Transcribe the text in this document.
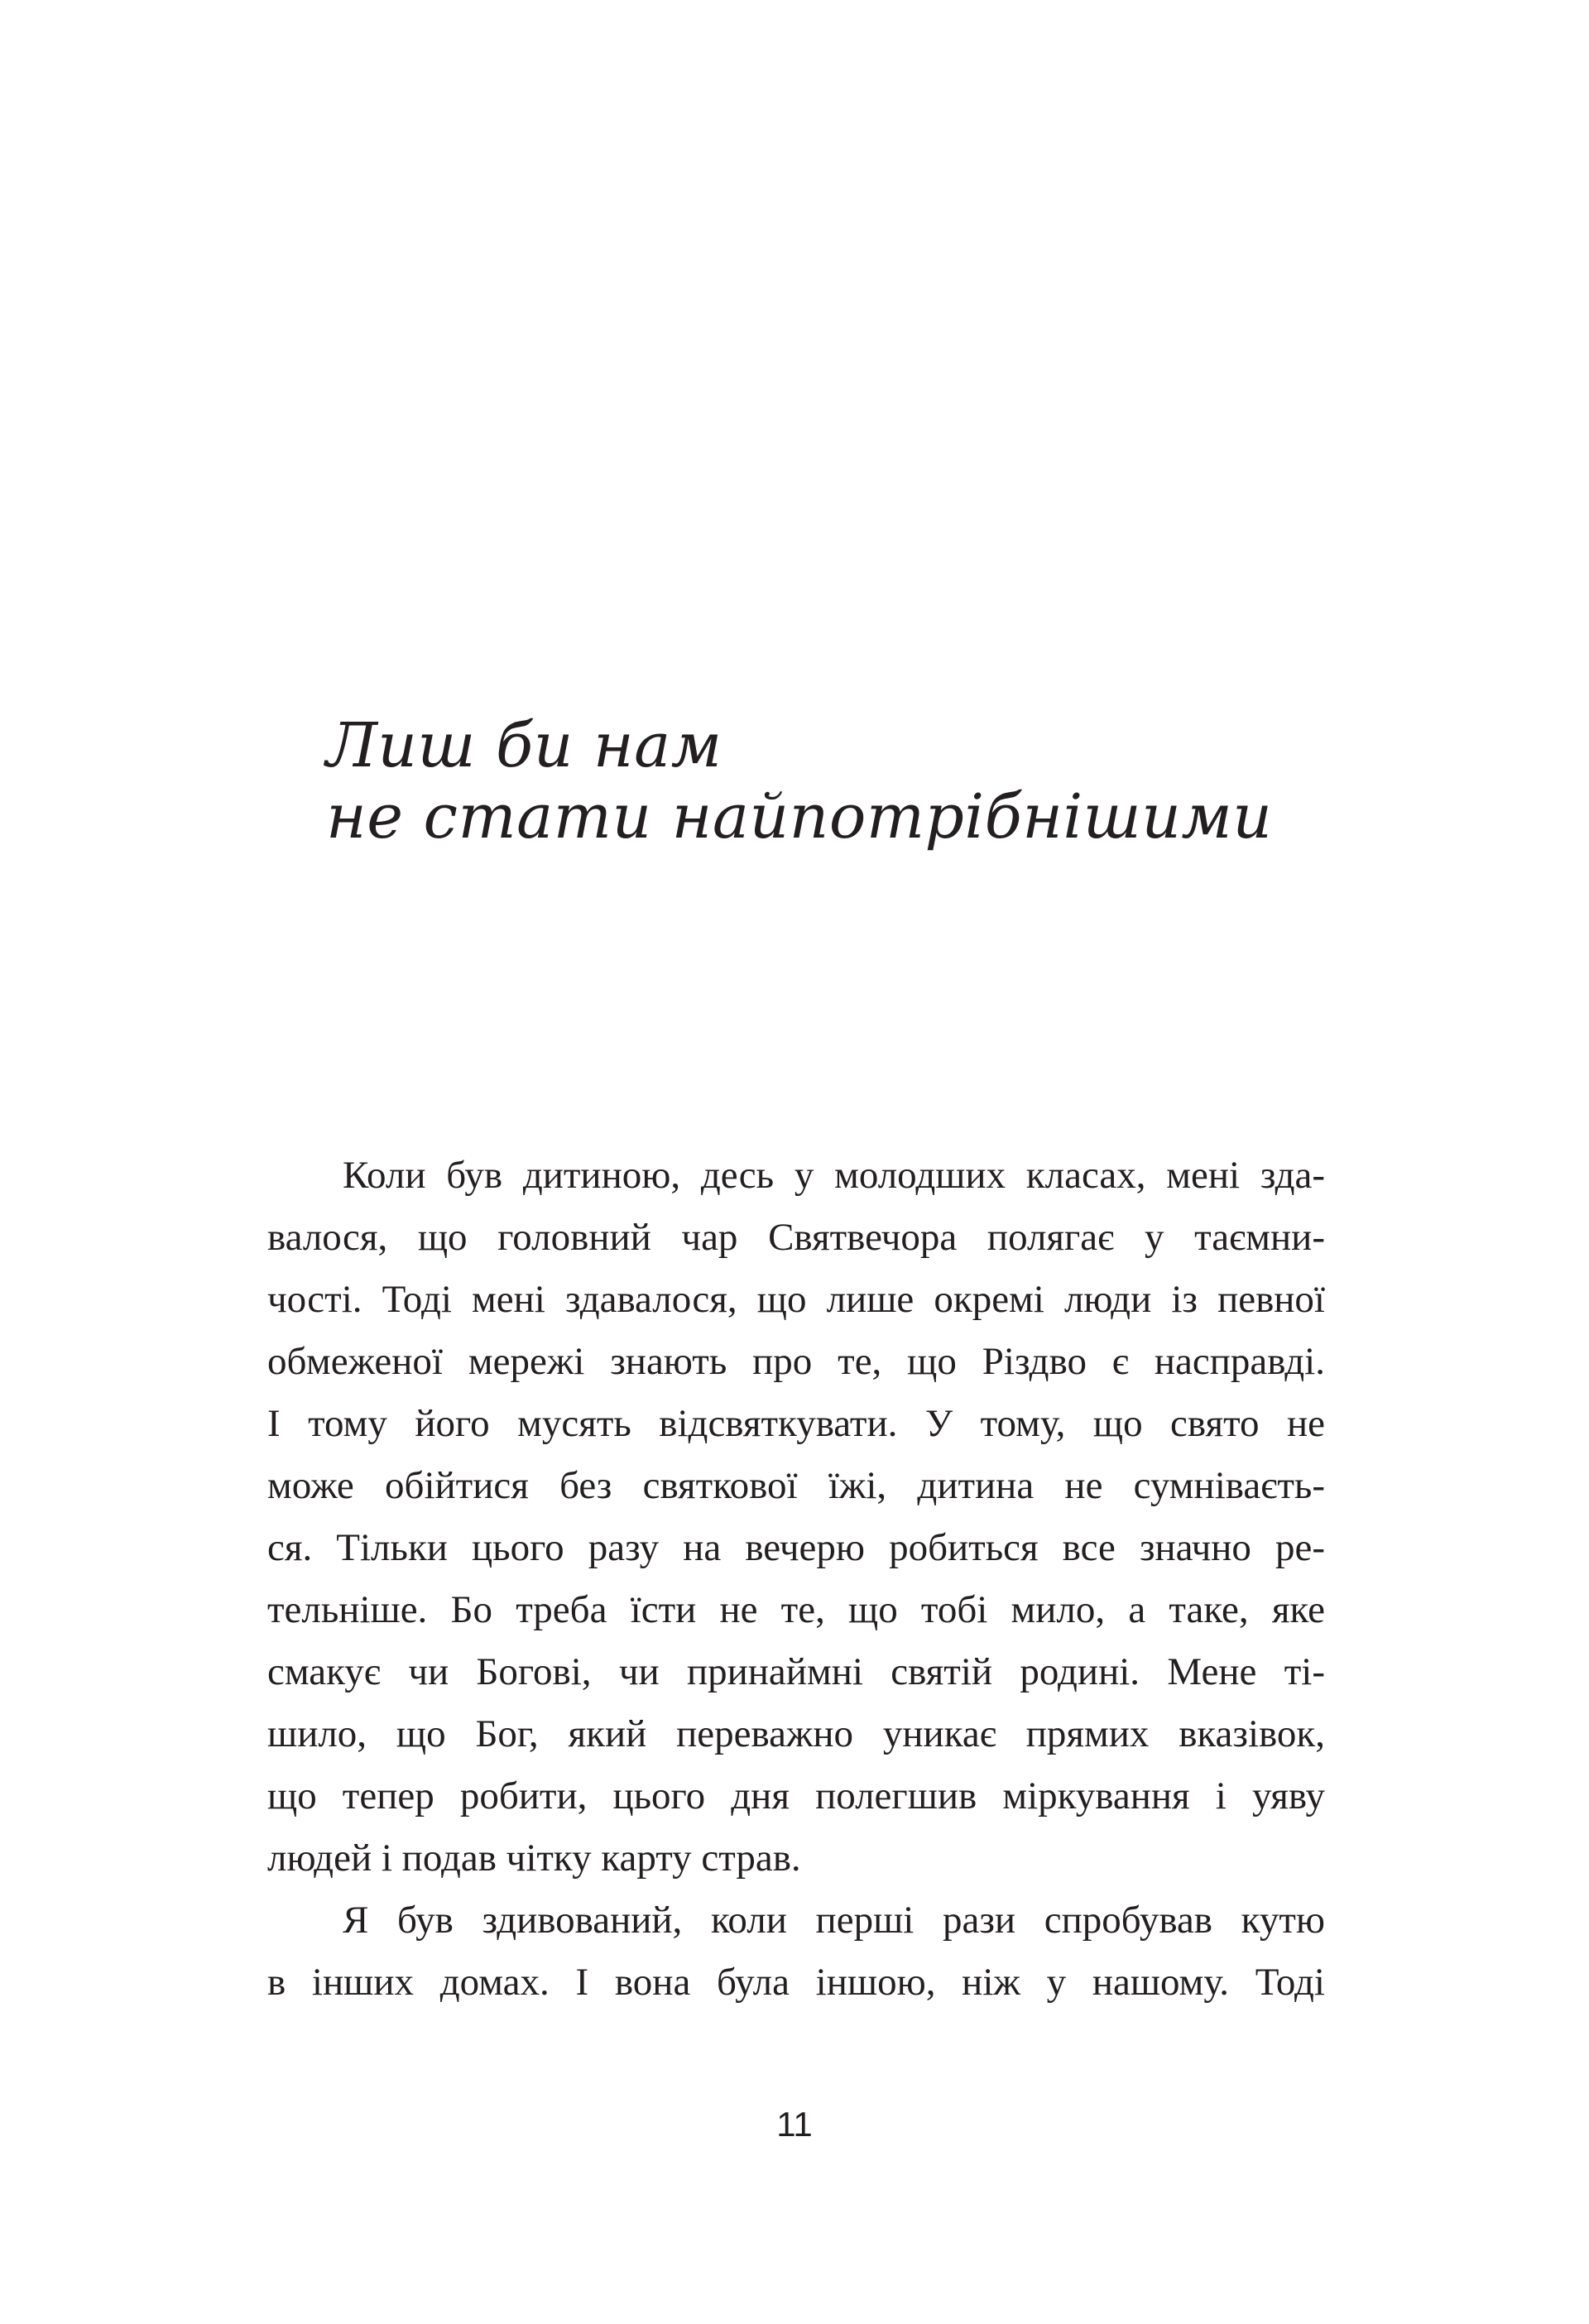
Лиш би нам
не стати найпотрібнішими
Коли був дитиною, десь у молодших класах, мені зда-
валося, що головний чар Святвечора полягає у таємни-
чості. Тоді мені здавалося, що лише окремі люди із певної
обмеженої мережі знають про те, що Різдво є насправді.
І тому його мусять відсвяткувати. У тому, що свято не
може обійтися без святкової їжі, дитина не сумніваєть-
ся. Тільки цього разу на вечерю робиться все значно ре-
тельніше. Бо треба їсти не те, що тобі мило, а таке, яке
смакує чи Богові, чи принаймні святій родині. Мене ті-
шило, що Бог, який переважно уникає прямих вказівок,
що тепер робити, цього дня полегшив міркування і уяву
людей і подав чітку карту страв.
Я був здивований, коли перші рази спробував кутю
в інших домах. І вона була іншою, ніж у нашому. Тоді
11
